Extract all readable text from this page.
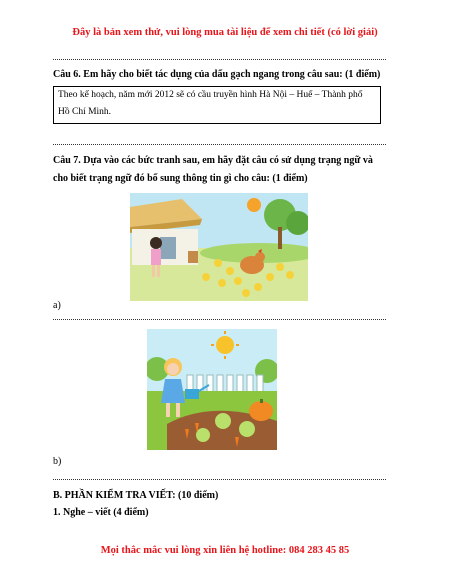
Đây là bản xem thử, vui lòng mua tài liệu để xem chi tiết (có lời giải)
Câu 6. Em hãy cho biết tác dụng của dấu gạch ngang trong câu sau: (1 điểm)
Theo kế hoạch, năm mới 2012 sẽ có cầu truyền hình Hà Nội – Huế – Thành phố Hồ Chí Minh.
Câu 7. Dựa vào các bức tranh sau, em hãy đặt câu có sử dụng trạng ngữ và
cho biết trạng ngữ đó bổ sung thông tin gì cho câu: (1 điểm)
a)
b)
B. PHẦN KIỂM TRA VIẾT: (10 điểm)
1. Nghe – viết (4 điểm)
Mọi thắc mắc vui lòng xin liên hệ hotline: 084 283 45 85
